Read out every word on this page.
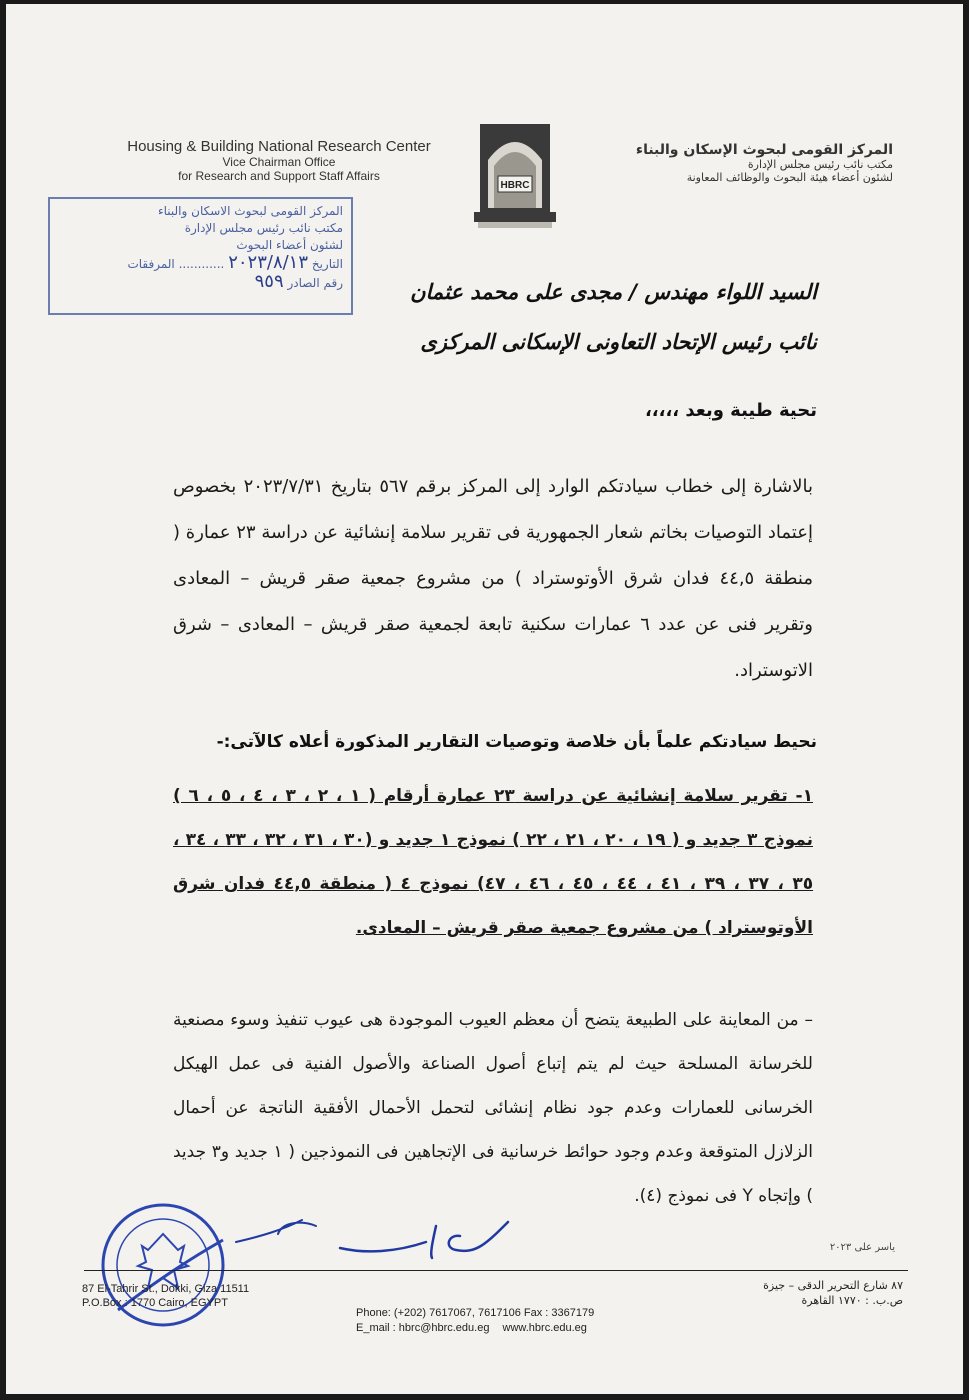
Housing & Building National Research Center
Vice Chairman Office
for Research and Support Staff Affairs
HBRC
المركز القومى لبحوث الإسكان والبناء
مكتب نائب رئيس مجلس الإدارة
لشئون أعضاء هيئة البحوث والوظائف المعاونة
المركز القومى لبحوث الاسكان والبناء
مكتب نائب رئيس مجلس الإدارة
لشئون أعضاء البحوث
التاريخ ٢٠٢٣/٨/١٣ ............ المرفقات
رقم الصادر ٩٥٩	السيد اللواء مهندس / مجدى على محمد عثمان
نائب رئيس الإتحاد التعاونى الإسكانى المركزى
تحية طيبة وبعد ،،،،،
بالاشارة إلى خطاب سيادتكم الوارد إلى المركز برقم ٥٦٧ بتاريخ ٢٠٢٣/٧/٣١ بخصوص إعتماد التوصيات بخاتم شعار الجمهورية فى تقرير سلامة إنشائية عن دراسة ٢٣ عمارة ( منطقة ٤٤,٥ فدان شرق الأوتوستراد ) من مشروع جمعية صقر قريش – المعادى وتقرير فنى عن عدد ٦ عمارات سكنية تابعة لجمعية صقر قريش – المعادى – شرق الاتوستراد.
نحيط سيادتكم علماً بأن خلاصة وتوصيات التقارير المذكورة أعلاه كالآتى:-
١- تقرير سلامة إنشائية عن دراسة ٢٣ عمارة أرقام ( ١ ، ٢ ، ٣ ، ٤ ، ٥ ، ٦ ) نموذج ٣ جديد و ( ١٩ ، ٢٠ ، ٢١ ، ٢٢ ) نموذج ١ جديد و (٣٠ ، ٣١ ، ٣٢ ، ٣٣ ، ٣٤ ، ٣٥ ، ٣٧ ، ٣٩ ، ٤١ ، ٤٤ ، ٤٥ ، ٤٦ ، ٤٧) نموذج ٤ ( منطقة ٤٤,٥ فدان شرق الأوتوستراد ) من مشروع جمعية صقر قريش – المعادى.
– من المعاينة على الطبيعة يتضح أن معظم العيوب الموجودة هى عيوب تنفيذ وسوء مصنعية للخرسانة المسلحة حيث لم يتم إتباع أصول الصناعة والأصول الفنية فى عمل الهيكل الخرسانى للعمارات وعدم جود نظام إنشائى لتحمل الأحمال الأفقية الناتجة عن أحمال الزلازل المتوقعة وعدم وجود حوائط خرسانية فى الإتجاهين فى النموذجين ( ١ جديد و٣ جديد ) وإتجاه Y فى نموذج (٤).
ياسر على ٢٠٢٣
87 El-Tahrir St., Dokki, Giza 11511
P.O.Box : 1770 Cairo, EGYPT
Phone: (+202) 7617067, 7617106 Fax : 3367179
E_mail : hbrc@hbrc.edu.eg www.hbrc.edu.eg
٨٧ شارع التحرير الدقى – جيزة
ص.ب. : ١٧٧٠ القاهرة
